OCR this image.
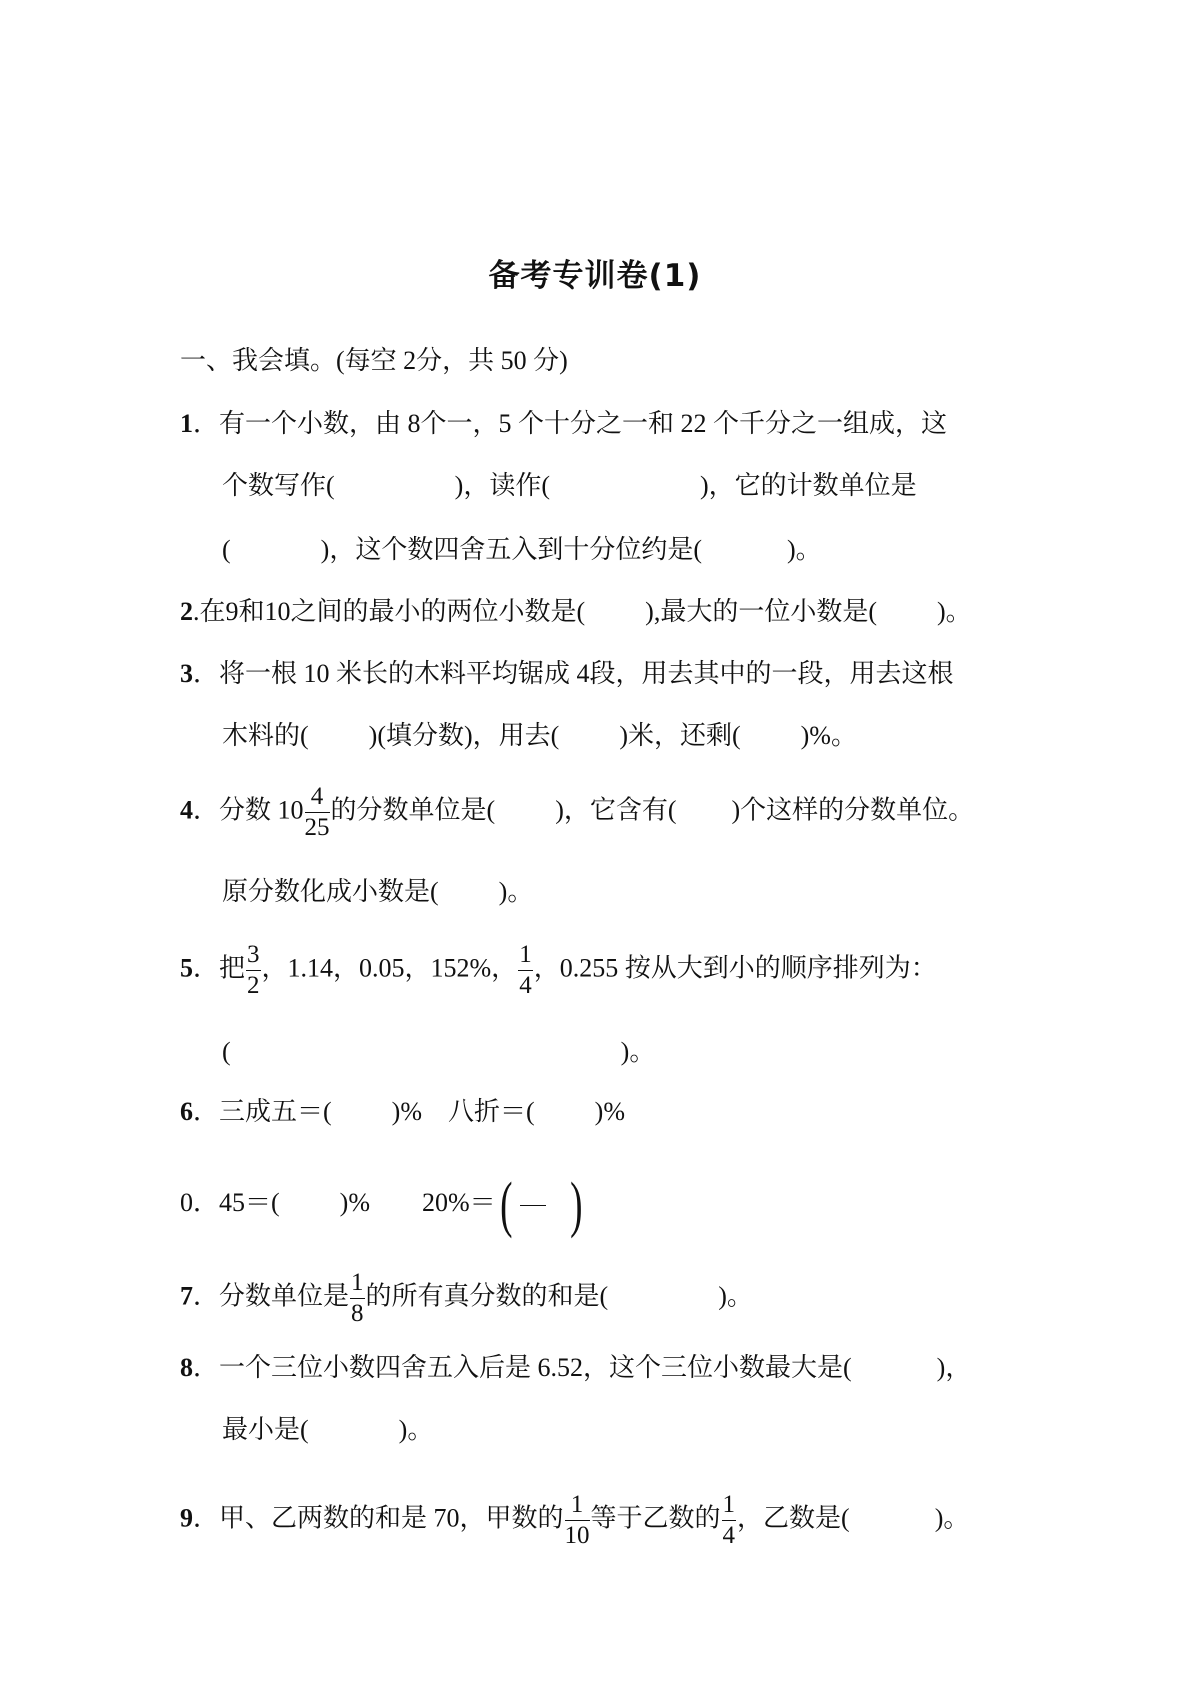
备考专训卷(1)
一、我会填。(每空 2分，共 50 分)
1．有一个小数，由 8个一，5 个十分之一和 22 个千分之一组成，这
个数写作(	)，读作(	)，它的计数单位是
(	)，这个数四舍五入到十分位约是(	)。
2.在9和10之间的最小的两位小数是( ),最大的一位小数是( )。
3．将一根 10 米长的木料平均锯成 4段，用去其中的一段，用去这根
木料的( )(填分数)，用去( )米，还剩( )%。
4．分数 $10 \frac{4}{25}$ 的分数单位是( )，它含有( )个这样的分数单位。
原分数化成小数是( )。
5．把 $\frac{3}{2}$ ，1.14，0.05，152%， $\frac{1}{4}$ ，0.255 按从大到小的顺序排列为：
(	)。
6．三成五＝( )%　八折＝( )%
0．45＝( )%　　20%＝( )
7．分数单位是 $\frac{1}{8}$ 的所有真分数的和是(	)。
8．一个三位小数四舍五入后是 6.52，这个三位小数最大是(	)，
最小是(	)。
9．甲、乙两数的和是 70，甲数的 $\frac{1}{10}$ 等于乙数的 $\frac{1}{4}$ ，乙数是(	)。
